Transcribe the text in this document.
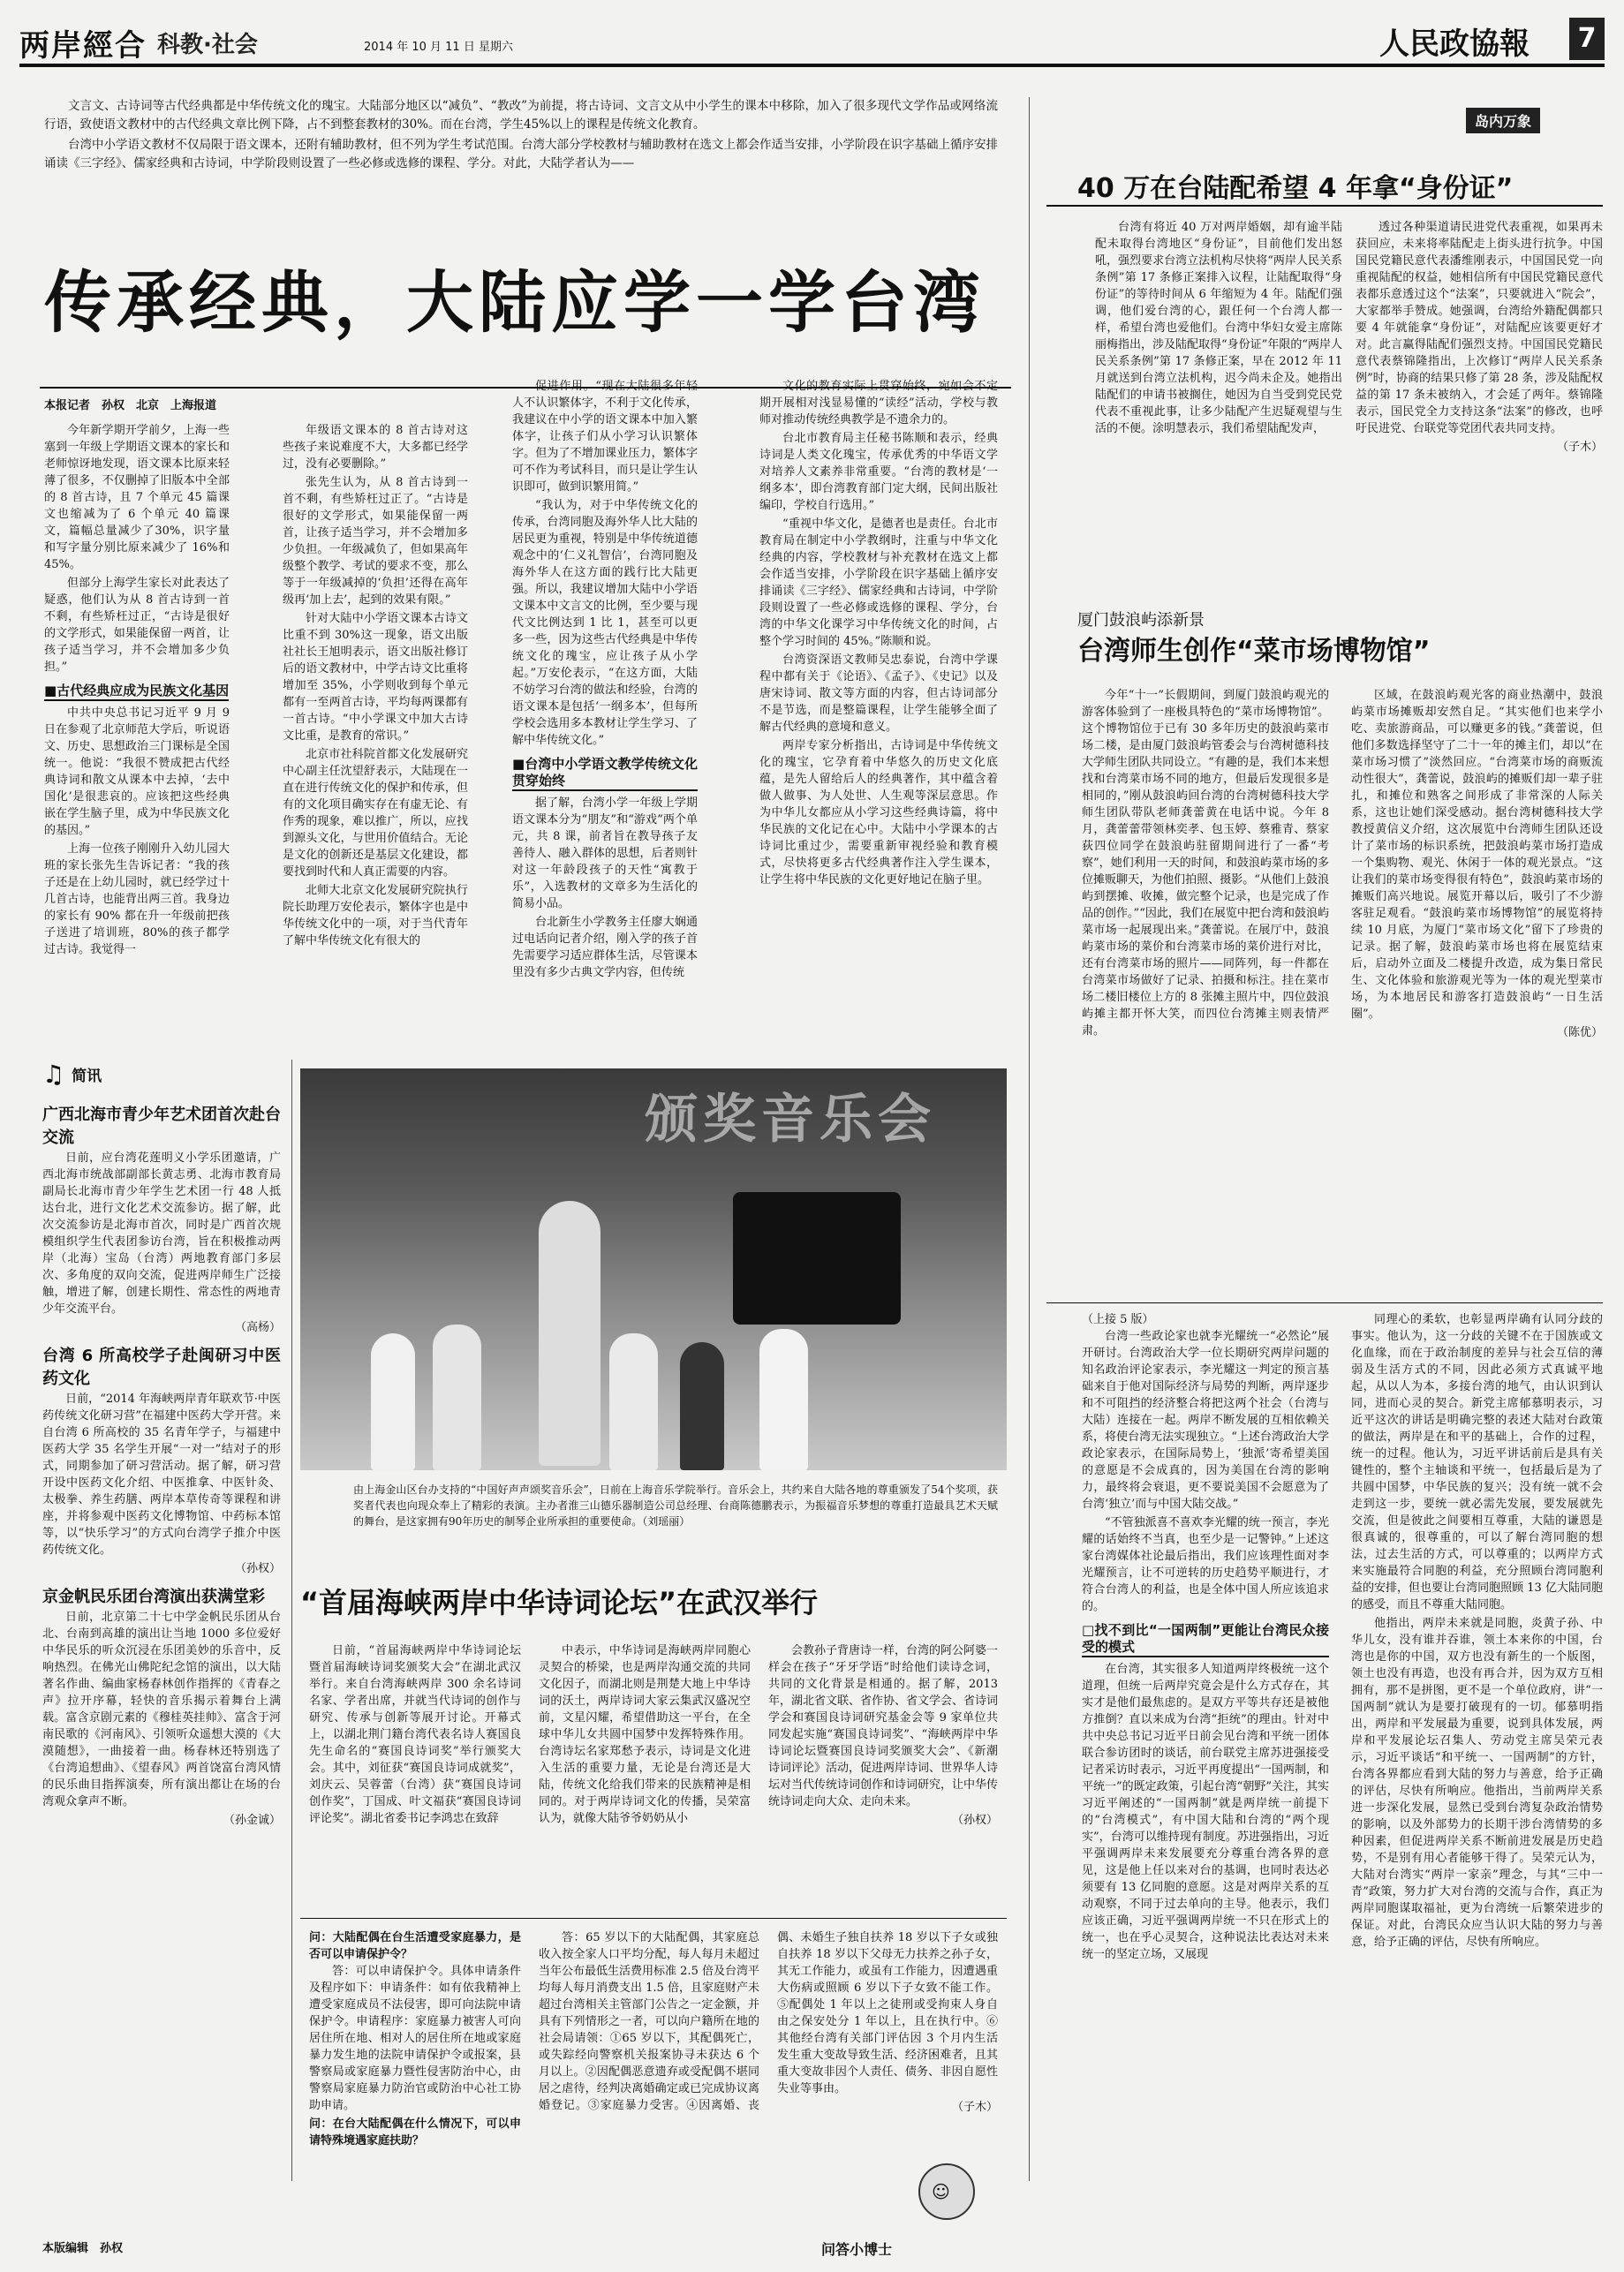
两岸經合 科教·社会	2014 年 10 月 11 日 星期六	人民政協報	7

文言文、古诗词等古代经典都是中华传统文化的瑰宝。大陆部分地区以“减负”、“教改”为前提，将古诗词、文言文从中小学生的课本中移除，加入了很多现代文学作品或网络流行语，致使语文教材中的古代经典文章比例下降，占不到整套教材的30%。而在台湾，学生45%以上的课程是传统文化教育。

台湾中小学语文教材不仅局限于语文课本，还附有辅助教材，但不列为学生考试范围。台湾大部分学校教材与辅助教材在选文上都会作适当安排，小学阶段在识字基础上循序安排诵读《三字经》、儒家经典和古诗词，中学阶段则设置了一些必修或选修的课程、学分。对此，大陆学者认为——

传承经典，大陆应学一学台湾
本报记者　孙权　北京　上海报道

今年新学期开学前夕，上海一些塞到一年级上学期语文课本的家长和老师惊讶地发现，语文课本比原来轻薄了很多，不仅删掉了旧版本中全部的 8 首古诗，且 7 个单元 45 篇课文也缩减为了 6 个单元 40 篇课文，篇幅总量减少了30%，识字量和写字量分别比原来减少了 16%和45%。

但部分上海学生家长对此表达了疑惑，他们认为从 8 首古诗到一首不剩，有些矫枉过正，“古诗是很好的文学形式，如果能保留一两首，让孩子适当学习，并不会增加多少负担。”

■古代经典应成为民族文化基因

中共中央总书记习近平 9 月 9 日在参观了北京师范大学后，听说语文、历史、思想政治三门课标是全国统一。他说：“我很不赞成把古代经典诗词和散文从课本中去掉，‘去中国化’是很悲哀的。应该把这些经典嵌在学生脑子里，成为中华民族文化的基因。”

上海一位孩子刚刚升入幼儿园大班的家长张先生告诉记者：“我的孩子还是在上幼儿园时，就已经学过十几首古诗，也能背出两三首。我身边的家长有 90% 都在升一年级前把孩子送进了培训班，80%的孩子都学过古诗。我觉得一

年级语文课本的 8 首古诗对这些孩子来说难度不大，大多都已经学过，没有必要删除。”

张先生认为，从 8 首古诗到一首不剩，有些矫枉过正了。“古诗是很好的文学形式，如果能保留一两首，让孩子适当学习，并不会增加多少负担。一年级减负了，但如果高年级整个教学、考试的要求不变，那么等于一年级减掉的‘负担’还得在高年级再‘加上去’，起到的效果有限。”

针对大陆中小学语文课本古诗文比重不到 30%这一现象，语文出版社社长王旭明表示，语文出版社修订后的语文教材中，中学古诗文比重将增加至 35%，小学则收到每个单元都有一至两首古诗，平均每两课都有一首古诗。“中小学课文中加大古诗文比重，是教育的常识。”

北京市社科院首都文化发展研究中心副主任沈望舒表示，大陆现在一直在进行传统文化的保护和传承，但有的文化项目确实存在有虚无论、有作秀的现象，难以推广，所以，应找到源头文化，与世用价值结合。无论是文化的创新还是基层文化建设，都要找到时代和人真正需要的内容。

北师大北京文化发展研究院执行院长助理万安伦表示，繁体字也是中华传统文化中的一项，对于当代青年了解中华传统文化有很大的

促进作用。“现在大陆很多年轻人不认识繁体字，不利于文化传承，我建议在中小学的语文课本中加入繁体字，让孩子们从小学习认识繁体字。但为了不增加课业压力，繁体字可不作为考试科目，而只是让学生认识即可，做到识繁用简。”

“我认为，对于中华传统文化的传承，台湾同胞及海外华人比大陆的居民更为重视，特别是中华传统道德观念中的‘仁义礼智信’，台湾同胞及海外华人在这方面的践行比大陆更强。所以，我建议增加大陆中小学语文课本中文言文的比例，至少要与现代文比例达到 1 比 1，甚至可以更多一些，因为这些古代经典是中华传统文化的瑰宝，应让孩子从小学起。”万安伦表示，“在这方面，大陆不妨学习台湾的做法和经验，台湾的语文课本是包括‘一纲多本’，但每所学校会选用多本教材让学生学习、了解中华传统文化。”

■台湾中小学语文教学传统文化贯穿始终

据了解，台湾小学一年级上学期语文课本分为“朋友”和“游戏”两个单元，共 8 课，前者旨在教导孩子友善待人、融入群体的思想，后者则针对这一年龄段孩子的天性“寓教于乐”，入选教材的文章多为生活化的简易小品。

台北新生小学教务主任廖大娴通过电话向记者介绍，刚入学的孩子首先需要学习适应群体生活，尽管课本里没有多少古典文学内容，但传统

文化的教育实际上贯穿始终，宛如会不定期开展相对浅显易懂的“读经”活动，学校与教师对推动传统经典教学是不遗余力的。

台北市教育局主任秘书陈顺和表示，经典诗词是人类文化瑰宝，传承优秀的中华语文学对培养人文素养非常重要。“台湾的教材是‘一纲多本’，即台湾教育部门定大纲，民间出版社编印，学校自行选用。”

“重视中华文化，是德者也是责任。台北市教育局在制定中小学教纲时，注重与中华文化经典的内容，学校教材与补充教材在选文上都会作适当安排，小学阶段在识字基础上循序安排诵读《三字经》、儒家经典和古诗词，中学阶段则设置了一些必修或选修的课程、学分，台湾的中华文化课学习中华传统文化的时间，占整个学习时间的 45%。”陈顺和说。

台湾资深语文教师吴忠泰说，台湾中学课程中都有关于《论语》、《孟子》、《史记》以及唐宋诗词、散文等方面的内容，但古诗词部分不是节选，而是整篇课程，让学生能够全面了解古代经典的意境和意义。

两岸专家分析指出，古诗词是中华传统文化的瑰宝，它孕育着中华悠久的历史文化底蕴，是先人留给后人的经典著作，其中蕴含着做人做事、为人处世、人生观等深层意思。作为中华儿女都应从小学习这些经典诗篇，将中华民族的文化记在心中。大陆中小学课本的古诗词比重过少，需要重新审视经验和教育模式，尽快将更多古代经典著作注入学生课本，让学生将中华民族的文化更好地记在脑子里。

♫ 简讯
广西北海市青少年艺术团首次赴台交流

日前，应台湾花莲明义小学乐团邀请，广西北海市统战部副部长黄志勇、北海市教育局副局长北海市青少年学生艺术团一行 48 人抵达台北，进行文化艺术交流参访。据了解，此次交流参访是北海市首次，同时是广西首次规模组织学生代表团参访台湾，旨在积极推动两岸（北海）宝岛（台湾）两地教育部门多层次、多角度的双向交流，促进两岸师生广泛接触，增进了解，创建长期性、常态性的两地青少年交流平台。

（高杨）
台湾 6 所高校学子赴闽研习中医药文化

日前，“2014 年海峡两岸青年联欢节·中医药传统文化研习营”在福建中医药大学开营。来自台湾 6 所高校的 35 名青年学子，与福建中医药大学 35 名学生开展“一对一”结对子的形式，同期参加了研习营活动。据了解，研习营开设中医药文化介绍、中医推拿、中医针灸、太极拳、养生药膳、两岸本草传奇等课程和讲座，并将参观中医药文化博物馆、中药标本馆等，以“快乐学习”的方式向台湾学子推介中医药传统文化。

（孙权）
京金帆民乐团台湾演出获满堂彩

日前，北京第二十七中学金帆民乐团从台北、台南到高雄的演出让当地 1000 多位爱好中华民乐的听众沉浸在乐团美妙的乐音中，反响热烈。在佛光山佛陀纪念馆的演出，以大陆著名作曲、编曲家杨春林创作指挥的《青春之声》拉开序幕，轻快的音乐揭示着舞台上满载。富含京剧元素的《穆桂英挂帅》、富含于河南民歌的《河南风》、引领听众遥想大漠的《大漠随想》，一曲接着一曲。杨春林还特别选了《台湾追想曲》、《望春风》两首饶富台湾风情的民乐曲目指挥演奏，所有演出都让在场的台湾观众拿声不断。

（孙金诚）
颁奖音乐会
由上海金山区台办支持的“中国好声声颂奖音乐会”，日前在上海音乐学院举行。音乐会上，共约来自大陆各地的尊重颁发了54个奖项，获奖者代表也向现众奉上了精彩的表演。主办者淮三山德乐器制造公司总经理、台商陈德鹏表示，为振福音乐梦想的尊重打造最具艺术天赋的舞台，是这家拥有90年历史的制琴企业所承担的重要使命。（刘瑶丽）
“首届海峡两岸中华诗词论坛”在武汉举行

日前，“首届海峡两岸中华诗词论坛暨首届海峡诗词奖颁奖大会”在湖北武汉举行。来自台湾海峡两岸 300 余名诗词名家、学者出席，并就当代诗词的创作与研究、传承与创新等展开讨论。开幕式上，以湖北荆门籍台湾代表名诗人赛国良先生命名的“赛国良诗词奖”举行颁奖大会。其中，刘征获“赛国良诗词成就奖”，刘庆云、吴蓉蕾（台湾）获“赛国良诗词创作奖”，丁国成、叶文福获“赛国良诗词评论奖”。湖北省委书记李鸿忠在致辞

中表示，中华诗词是海峡两岸同胞心灵契合的桥梁，也是两岸沟通交流的共同文化因子，而湖北则是荆楚大地上中华诗词的沃土，两岸诗词大家云集武汉盛况空前，文星闪耀，希望借助这一平台，在全球中华儿女共圆中国梦中发挥特殊作用。台湾诗坛名家郑愁予表示，诗词是文化进入生活的重要力量，无论是台湾还是大陆，传统文化给我们带来的民族精神是相同的。对于两岸诗词文化的传播，吴荣富认为，就像大陆爷爷奶奶从小

会教孙子背唐诗一样，台湾的阿公阿婆一样会在孩子“牙牙学语”时给他们读诗念词，共同的文化背景是相通的。据了解，2013年，湖北省文联、省作协、省文学会、省诗词学会和赛国良诗词研究基金会等 9 家单位共同发起实施“赛国良诗词奖”、“海峡两岸中华诗词论坛暨赛国良诗词奖颁奖大会”、《新潮诗词评论》活动，促进两岸诗词、世界华人诗坛对当代传统诗词创作和诗词研究，让中华传统诗词走向大众、走向未来。

（孙权）
问：大陆配偶在台生活遭受家庭暴力，是否可以申请保护令？

答：可以申请保护令。具体申请条件及程序如下：申请条件：如有依我精神上遭受家庭成员不法侵害，即可向法院申请保护令。申请程序：家庭暴力被害人可向居住所在地、相对人的居住所在地或家庭暴力发生地的法院申请保护令或报案，县警察局或家庭暴力暨性侵害防治中心，由警察局家庭暴力防治官或防治中心社工协助申请。

问：在台大陆配偶在什么情况下，可以申请特殊境遇家庭扶助？

答：65 岁以下的大陆配偶，其家庭总收入按全家人口平均分配，每人每月未超过当年公布最低生活费用标准 2.5 倍及台湾平均每人每月消费支出 1.5 倍，且家庭财产未超过台湾相关主管部门公告之一定金额，并具有下列情形之一者，可以向户籍所在地的社会局请领：①65 岁以下，其配偶死亡，或失踪经向警察机关报案协寻未获达 6 个月以上。②因配偶恶意遗弃或受配偶不堪同居之虐待，经判决离婚确定或已完成协议离婚登记。③家庭暴力受害。④因离婚、丧偶、未婚生子独自扶养 18 岁以下子女或独自扶养 18 岁以下父母无力扶养之孙子女，其无工作能力，或虽有工作能力，因遭遇重大伤病或照顾 6 岁以下子女致不能工作。⑤配偶处 1 年以上之徒刑或受拘束人身自由之保安处分 1 年以上，且在执行中。⑥其他经台湾有关部门评估因 3 个月内生活发生重大变故导致生活、经济困难者，且其重大变故非因个人责任、债务、非因自愿性失业等事由。

（子木）
☺
问答小博士
本版编辑　孙权
岛内万象
40 万在台陆配希望 4 年拿“身份证”

台湾有将近 40 万对两岸婚姻，却有逾半陆配未取得台湾地区“身份证”，目前他们发出怒吼，强烈要求台湾立法机构尽快将“两岸人民关系条例”第 17 条修正案排入议程，让陆配取得“身份证”的等待时间从 6 年缩短为 4 年。陆配们强调，他们爱台湾的心，跟任何一个台湾人都一样，希望台湾也爱他们。台湾中华妇女爱主席陈丽梅指出，涉及陆配取得“身份证”年限的“两岸人民关系条例”第 17 条修正案，早在 2012 年 11 月就送到台湾立法机构，迟今尚未企及。她指出陆配们的申请书被搁住，她因为自当受到党民党代表不重视此事，让多少陆配产生迟疑观望与生活的不便。涂明慧表示，我们希望陆配发声，

透过各种渠道请民进党代表重视，如果再未获回应，未来将率陆配走上街头进行抗争。中国国民党籍民意代表潘维刚表示，中国国民党一向重视陆配的权益，她相信所有中国民党籍民意代表都乐意透过这个“法案”，只要就进入“院会”，大家都举手赞成。她强调，台湾给外籍配偶都只要 4 年就能拿“身份证”，对陆配应该要更好才对。此言赢得陆配们强烈支持。中国国民党籍民意代表蔡锦隆指出，上次修订“两岸人民关系条例”时，协商的结果只修了第 28 条，涉及陆配权益的第 17 条未被纳入，才会延了两年。蔡锦隆表示，国民党全力支持这条“法案”的修改，也呼吁民进党、台联党等党团代表共同支持。

（子木）
厦门鼓浪屿添新景
台湾师生创作“菜市场博物馆”

今年“十一”长假期间，到厦门鼓浪屿观光的游客体验到了一座极具特色的“菜市场博物馆”。这个博物馆位于已有 30 多年历史的鼓浪屿菜市场二楼，是由厦门鼓浪屿管委会与台湾树德科技大学师生团队共同设立。“有趣的是，我们本来想找和台湾菜市场不同的地方，但最后发现很多是相同的，”刚从鼓浪屿回台湾的台湾树德科技大学师生团队带队老师龚蕾黄在电话中说。今年 8 月，龚蕾蕾带领林奕孝、包玉婷、蔡雅青、蔡家荻四位同学在鼓浪屿驻留期间进行了一番“考察”，她们利用一天的时间，和鼓浪屿菜市场的多位摊贩聊天，为他们拍照、摄影。“从他们上鼓浪屿到摆摊、收摊，做完整个记录，也是完成了作品的创作。”“因此，我们在展览中把台湾和鼓浪屿菜市场一起展现出来。”龚蕾说。在展厅中，鼓浪屿菜市场的菜价和台湾菜市场的菜价进行对比，还有台湾菜市场的照片——同阵列，每一件都在台湾菜市场做好了记录、拍摄和标注。挂在菜市场二楼旧楼位上方的 8 张摊主照片中，四位鼓浪屿摊主都开怀大笑，而四位台湾摊主则表情严肃。

区域，在鼓浪屿观光客的商业热潮中，鼓浪屿菜市场摊贩却安然自足。“其实他们也来学小吃、卖旅游商品，可以赚更多的钱。”龚蕾说，但他们多数选择坚守了二十一年的摊主们，却以“在菜市场习惯了”淡然回应。“台湾菜市场的商贩流动性很大”，龚蕾说，鼓浪屿的摊贩们却一辈子驻扎，和摊位和熟客之间形成了非常深的人际关系，这也让她们深受感动。据台湾树德科技大学教授黄信义介绍，这次展览中台湾师生团队还设计了菜市场的标识系统，把鼓浪屿菜市场打造成一个集购物、观光、休闲于一体的观光景点。“这让我们的菜市场变得很有特色”，鼓浪屿菜市场的摊贩们高兴地说。展览开幕以后，吸引了不少游客驻足观看。“鼓浪屿菜市场博物馆”的展览将持续 10 月底，为厦门“菜市场文化”留下了珍贵的记录。据了解，鼓浪屿菜市场也将在展览结束后，启动外立面及二楼提升改造，成为集日常民生、文化体验和旅游观光等为一体的观光型菜市场，为本地居民和游客打造鼓浪屿“一日生活圈”。

（陈优）
（上接 5 版）

台湾一些政论家也就李光耀统一“必然论”展开研讨。台湾政治大学一位长期研究两岸问题的知名政治评论家表示，李光耀这一判定的预言基础来自于他对国际经济与局势的判断，两岸逐步和不可阻挡的经济整合将把这两个社会（台湾与大陆）连接在一起。两岸不断发展的互相依赖关系，将使台湾无法实现独立。“上述台湾政治大学政论家表示，在国际局势上，‘独派’寄希望美国的意愿是不会成真的，因为美国在台湾的影响力，最终将会衰退，更不要说美国不会愿意为了台湾‘独立’而与中国大陆交战。”

“不管独派喜不喜欢李光耀的统一预言，李光耀的话始终不当真，也至少是一记警钟。”上述这家台湾媒体社论最后指出，我们应该理性面对李光耀预言，让不可逆转的历史趋势平顺进行，才符合台湾人的利益，也是全体中国人所应该追求的。

□找不到比“一国两制”更能让台湾民众接受的模式

在台湾，其实很多人知道两岸终极统一这个道理，但统一后两岸究竟会是什么方式存在，其实才是他们最焦虑的。是双方平等共存还是被他方推倒？直以来成为台湾“拒统”的理由。针对中共中央总书记习近平日前会见台湾和平统一团体联合参访团时的谈话，前台联党主席苏进强接受记者采访时表示，习近平再度提出“一国两制，和平统一”的既定政策，引起台湾“朝野”关注，其实习近平阐述的“一国两制”就是两岸统一前提下的“台湾模式”，有中国大陆和台湾的“两个现实”，台湾可以维持现有制度。苏进强指出，习近平强调两岸未来发展要充分尊重台湾各界的意见，这是他上任以来对台的基调，也同时表达必须要有 13 亿同胞的意愿。这是对两岸关系的互动观察，不同于过去单向的主导。他表示，我们应该正确，习近平强调两岸统一不只在形式上的统一，也在乎心灵契合，这种说法比表达对未来统一的坚定立场，又展现

同理心的柔软，也彰显两岸确有认同分歧的事实。他认为，这一分歧的关键不在于国族或文化血缘，而在于政治制度的差异与社会互信的薄弱及生活方式的不同，因此必须方式真诚平地起，从以人为本，多接台湾的地气，由认识到认同，进而心灵的契合。新党主席郁慕明表示，习近平这次的讲话是明确完整的表述大陆对台政策的做法，两岸是在和平的基础上，合作的过程，统一的过程。他认为，习近平讲话前后是具有关键性的，整个主轴谈和平统一，包括最后是为了共圆中国梦，中华民族的复兴；没有统一就不会走到这一步，要统一就必需先发展，要发展就先交流，但是彼此之间要相互尊重，大陆的谦恩是很真诚的，很尊重的，可以了解台湾同胞的想法，过去生活的方式，可以尊重的；以两岸方式来实施最符合同胞的利益，充分照顾台湾同胞利益的安排，但也要让台湾同胞照顾 13 亿大陆同胞的感受，而且不尊重大陆同胞。

他指出，两岸未来就是同胞，炎黄子孙、中华儿女，没有谁并吞谁，领土本来你的中国，台湾也是你的中国，双方也没有新生的一个版图，领土也没有再造，也没有再合并，因为双方互相拥有，那不是拼图，更不是一个单位政府，讲“一国两制”就认为是要打破现有的一切。郁慕明指出，两岸和平发展最为重要，说到具体发展，两岸和平发展论坛召集人、劳动党主席吴荣元表示，习近平谈话“和平统一、一国两制”的方针，台湾各界都应看到大陆的努力与善意，给予正确的评估，尽快有所响应。他指出，当前两岸关系进一步深化发展，显然已受到台湾复杂政治情势的影响，以及外部势力的长期干涉台湾情势的多种因素，但促进两岸关系不断前进发展是历史趋势，不是别有用心者能够干得了。吴荣元认为，大陆对台湾实“两岸一家亲”理念，与其“三中一青”政策，努力扩大对台湾的交流与合作，真正为两岸同胞谋取福祉，更为台湾统一后繁荣进步的保证。对此，台湾民众应当认识大陆的努力与善意，给予正确的评估，尽快有所响应。
